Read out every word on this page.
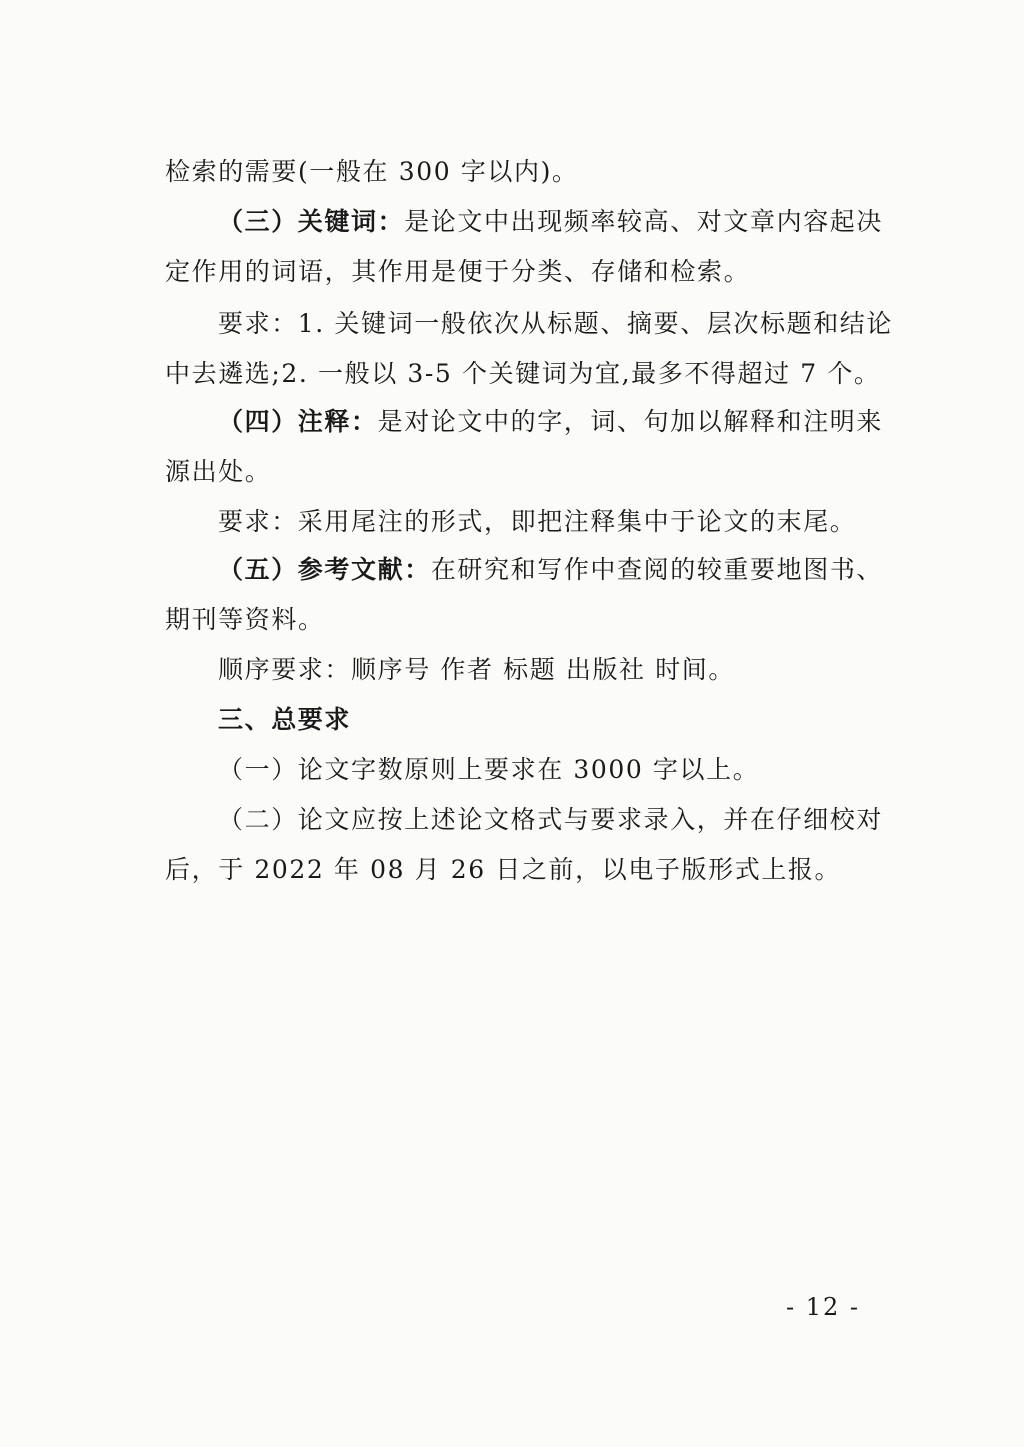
检索的需要(一般在 300 字以内)。
（三）关键词：是论文中出现频率较高、对文章内容起决
定作用的词语，其作用是便于分类、存储和检索。
要求：1. 关键词一般依次从标题、摘要、层次标题和结论
中去遴选;2. 一般以 3-5 个关键词为宜,最多不得超过 7 个。
（四）注释：是对论文中的字，词、句加以解释和注明来
源出处。
要求：采用尾注的形式，即把注释集中于论文的末尾。
（五）参考文献：在研究和写作中查阅的较重要地图书、
期刊等资料。
顺序要求：顺序号 作者 标题 出版社 时间。
三、总要求
（一）论文字数原则上要求在 3000 字以上。
（二）论文应按上述论文格式与要求录入，并在仔细校对
后，于 2022 年 08 月 26 日之前，以电子版形式上报。
- 12 -
